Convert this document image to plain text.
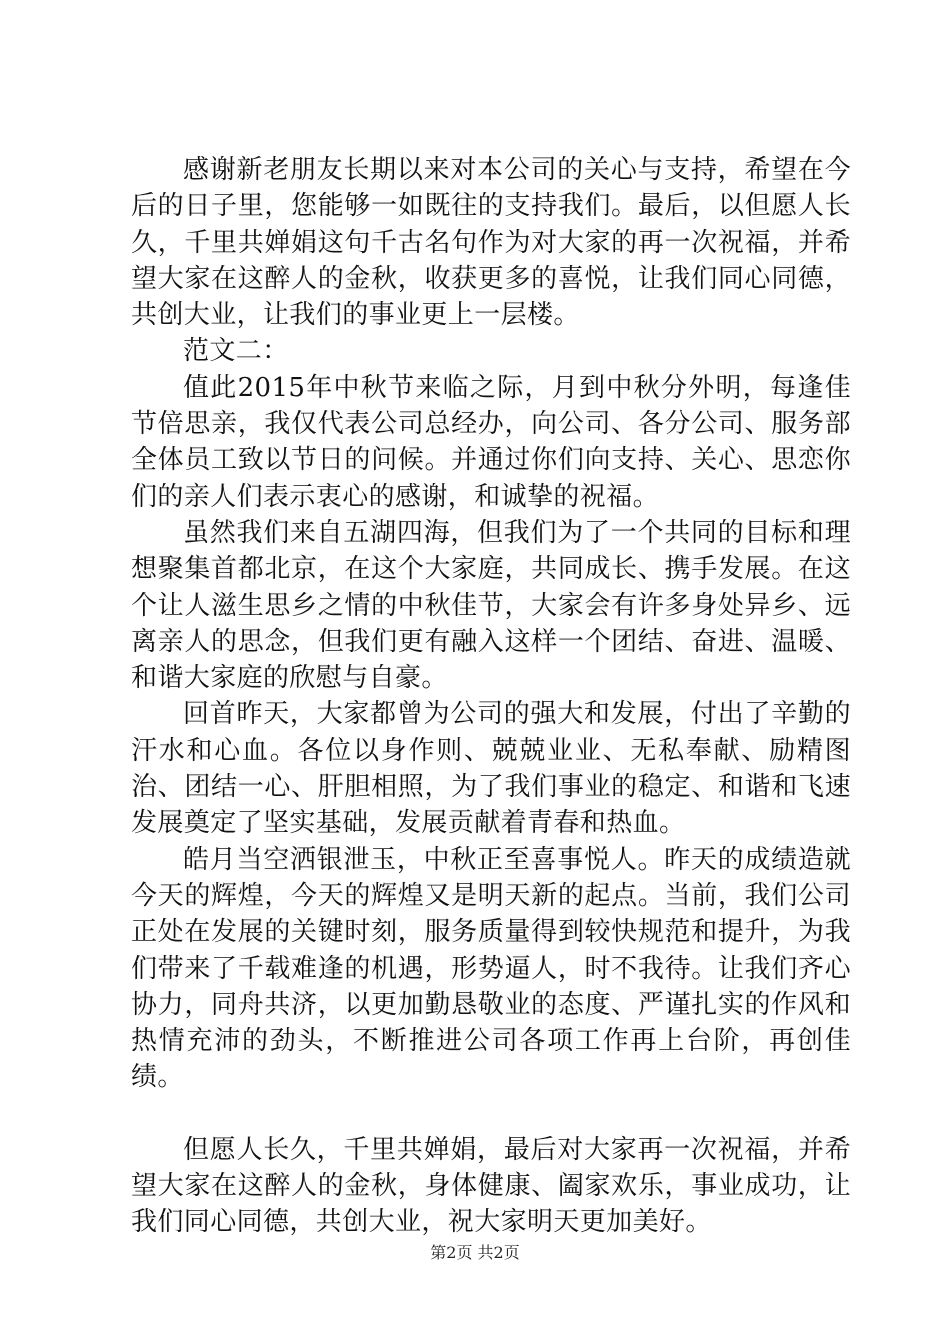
感谢新老朋友长期以来对本公司的关心与支持，希望在今后的日子里，您能够一如既往的支持我们。最后，以但愿人长久，千里共婵娟这句千古名句作为对大家的再一次祝福，并希望大家在这醉人的金秋，收获更多的喜悦，让我们同心同德，共创大业，让我们的事业更上一层楼。

范文二：

值此2015年中秋节来临之际，月到中秋分外明，每逢佳节倍思亲，我仅代表公司总经办，向公司、各分公司、服务部全体员工致以节日的问候。并通过你们向支持、关心、思恋你们的亲人们表示衷心的感谢，和诚挚的祝福。

虽然我们来自五湖四海，但我们为了一个共同的目标和理想聚集首都北京，在这个大家庭，共同成长、携手发展。在这个让人滋生思乡之情的中秋佳节，大家会有许多身处异乡、远离亲人的思念，但我们更有融入这样一个团结、奋进、温暖、和谐大家庭的欣慰与自豪。

回首昨天，大家都曾为公司的强大和发展，付出了辛勤的汗水和心血。各位以身作则、兢兢业业、无私奉献、励精图治、团结一心、肝胆相照，为了我们事业的稳定、和谐和飞速发展奠定了坚实基础，发展贡献着青春和热血。

皓月当空洒银泄玉，中秋正至喜事悦人。昨天的成绩造就今天的辉煌，今天的辉煌又是明天新的起点。当前，我们公司正处在发展的关键时刻，服务质量得到较快规范和提升，为我们带来了千载难逢的机遇，形势逼人，时不我待。让我们齐心协力，同舟共济，以更加勤恳敬业的态度、严谨扎实的作风和热情充沛的劲头，不断推进公司各项工作再上台阶，再创佳绩。

但愿人长久，千里共婵娟，最后对大家再一次祝福，并希望大家在这醉人的金秋，身体健康、阖家欢乐，事业成功，让我们同心同德，共创大业，祝大家明天更加美好。

第2页 共2页
